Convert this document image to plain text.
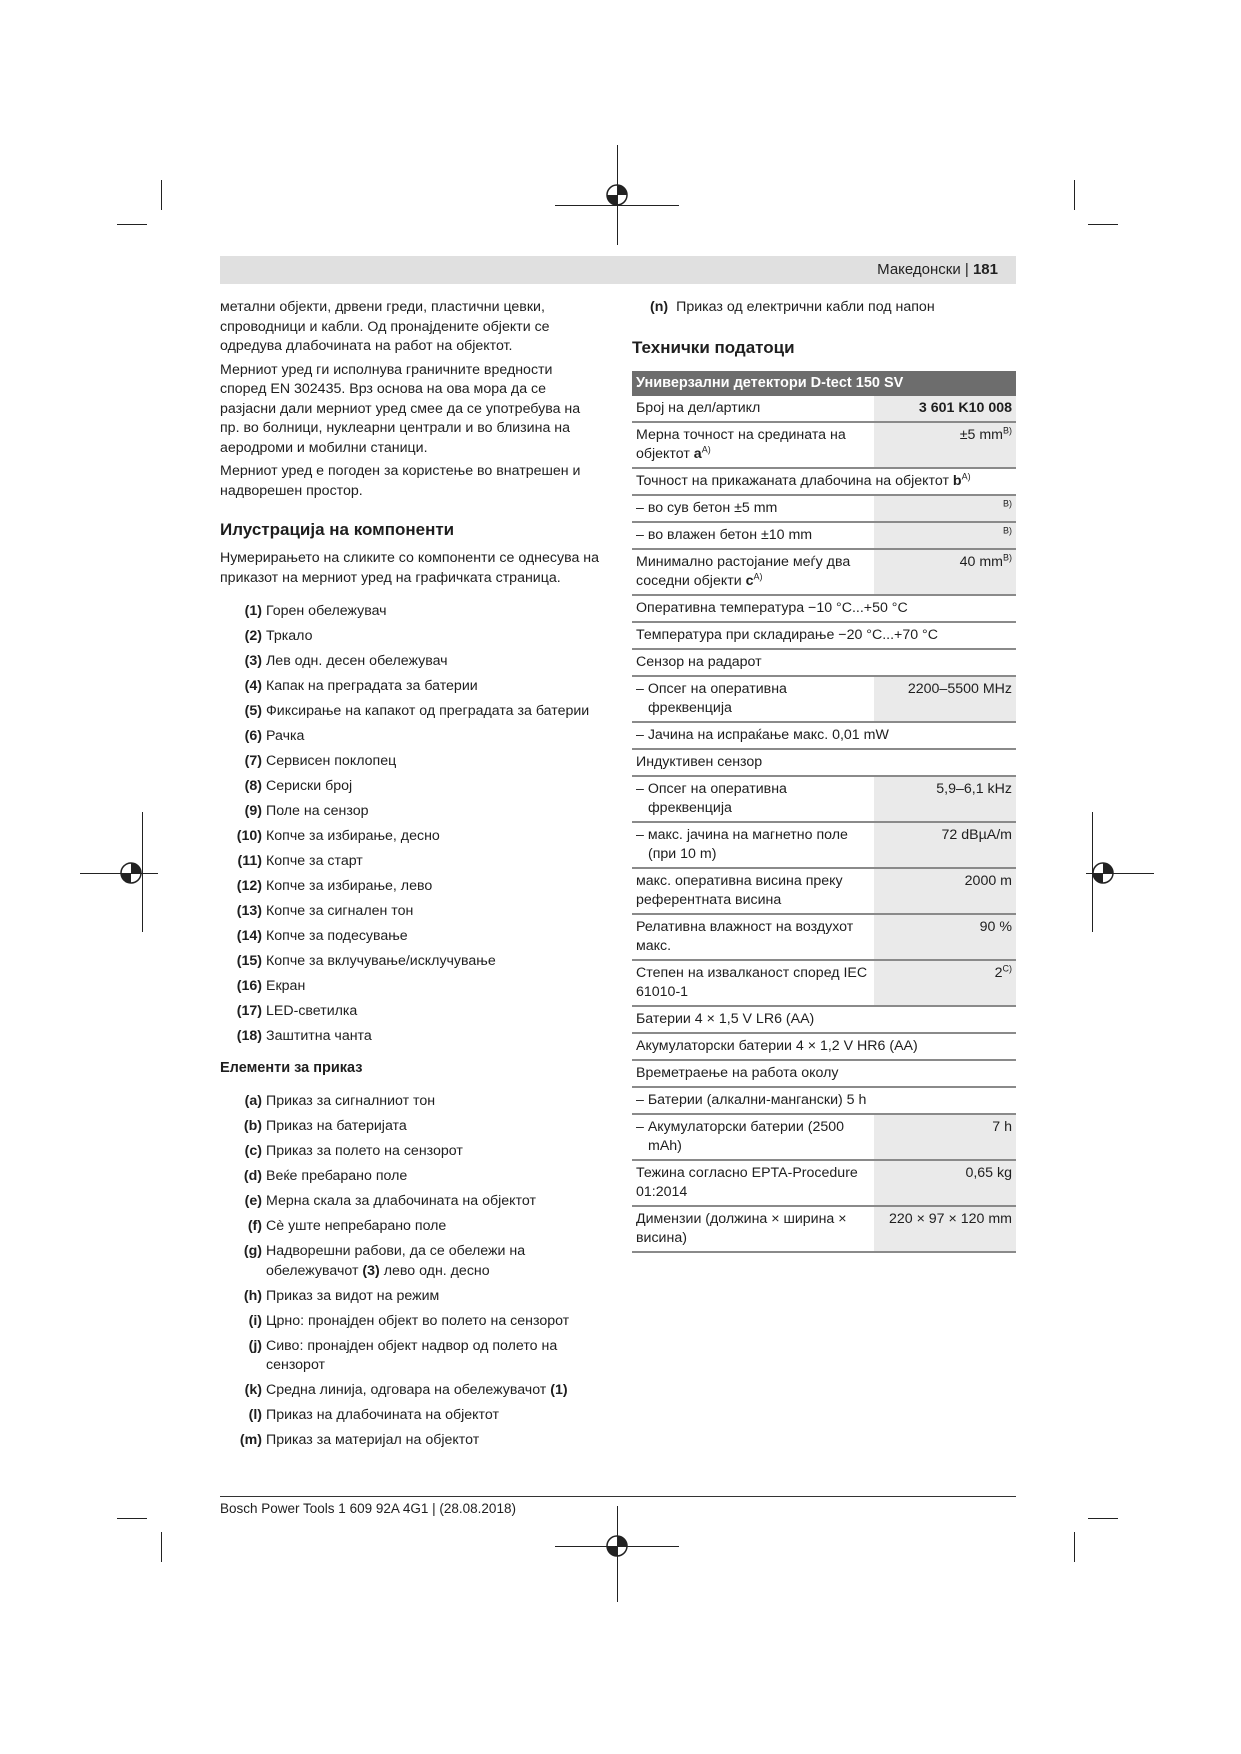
Македонски | 181

метални објекти, дрвени греди, пластични цевки, спроводници и кабли. Од пронајдените објекти се одредува длабочината на работ на објектот.

Мерниот уред ги исполнува граничните вредности според EN 302435. Врз основа на ова мора да се разјасни дали мерниот уред смее да се употребува на пр. во болници, нуклеарни централи и во близина на аеродроми и мобилни станици.

Мерниот уред е погоден за користење во внатрешен и надворешен простор.

Илустрација на компоненти

Нумерирањето на сликите со компоненти се однесува на приказот на мерниот уред на графичката страница.

(1) Горен обележувач
(2) Тркало
(3) Лев одн. десен обележувач
(4) Капак на преградата за батерии
(5) Фиксирање на капакот од преградата за батерии
(6) Рачка
(7) Сервисен поклопец
(8) Сериски број
(9) Поле на сензор
(10) Копче за избирање, десно
(11) Копче за старт
(12) Копче за избирање, лево
(13) Копче за сигнален тон
(14) Копче за подесување
(15) Копче за вклучување/исклучување
(16) Екран
(17) LED-светилка
(18) Заштитна чанта
Елементи за приказ
(a) Приказ за сигналниот тон
(b) Приказ на батеријата
(c) Приказ за полето на сензорот
(d) Веќе пребарано поле
(e) Мерна скала за длабочината на објектот
(f) Сè уште непребарано поле
(g) Надворешни рабови, да се обележи на обележувачот (3) лево одн. десно
(h) Приказ за видот на режим
(i) Црно: пронајден објект во полето на сензорот
(j) Сиво: пронајден објект надвор од полето на сензорот
(k) Средна линија, одговара на обележувачот (1)
(l) Приказ на длабочината на објектот
(m) Приказ за материјал на објектот
(n) Приказ од електрични кабли под напон
Технички податоци
Универзални детектори D-tect 150 SV	
Број на дел/артикл	3 601 K10 008
Мерна точност на средината на објектот $a^{A)}$	±5 $mm^{B)}$
Точност на прикажаната длабочина на објектот $b^{A)}$
– во сув бетон ±5 mm	$^{B)}$
– во влажен бетон ±10 mm	$^{B)}$
Минимално растојание меѓу два соседни објекти $c^{A)}$	40 $mm^{B)}$
Оперативна температура −10 °C...+50 °C	
Температура при складирање −20 °C...+70 °C	
Сензор на радарот	
– Опсег на оперативна фреквенција	2200–5500 MHz
– Јачина на испраќање макс. 0,01 mW	
Индуктивен сензор	
– Опсег на оперативна фреквенција	5,9–6,1 kHz
– макс. јачина на магнетно поле (при 10 m)	72 dBµA/m
макс. оперативна висина преку референтната висина	2000 m
Релативна влажност на воздухот макс.	90 %
Степен на извалканост според IEC 61010-1	$2^{C)}$
Батерии 4 × 1,5 V LR6 (AA)	
Акумулаторски батерии 4 × 1,2 V HR6 (AA)	
Времетраење на работа околу	
– Батерии (алкални-мангански) 5 h	
– Акумулаторски батерии (2500 mAh)	7 h
Тежина согласно EPTA-Procedure 01:2014	0,65 kg
Димензии (должина × ширина × висина)	220 × 97 × 120 mm
Bosch Power Tools 1 609 92A 4G1 | (28.08.2018)
